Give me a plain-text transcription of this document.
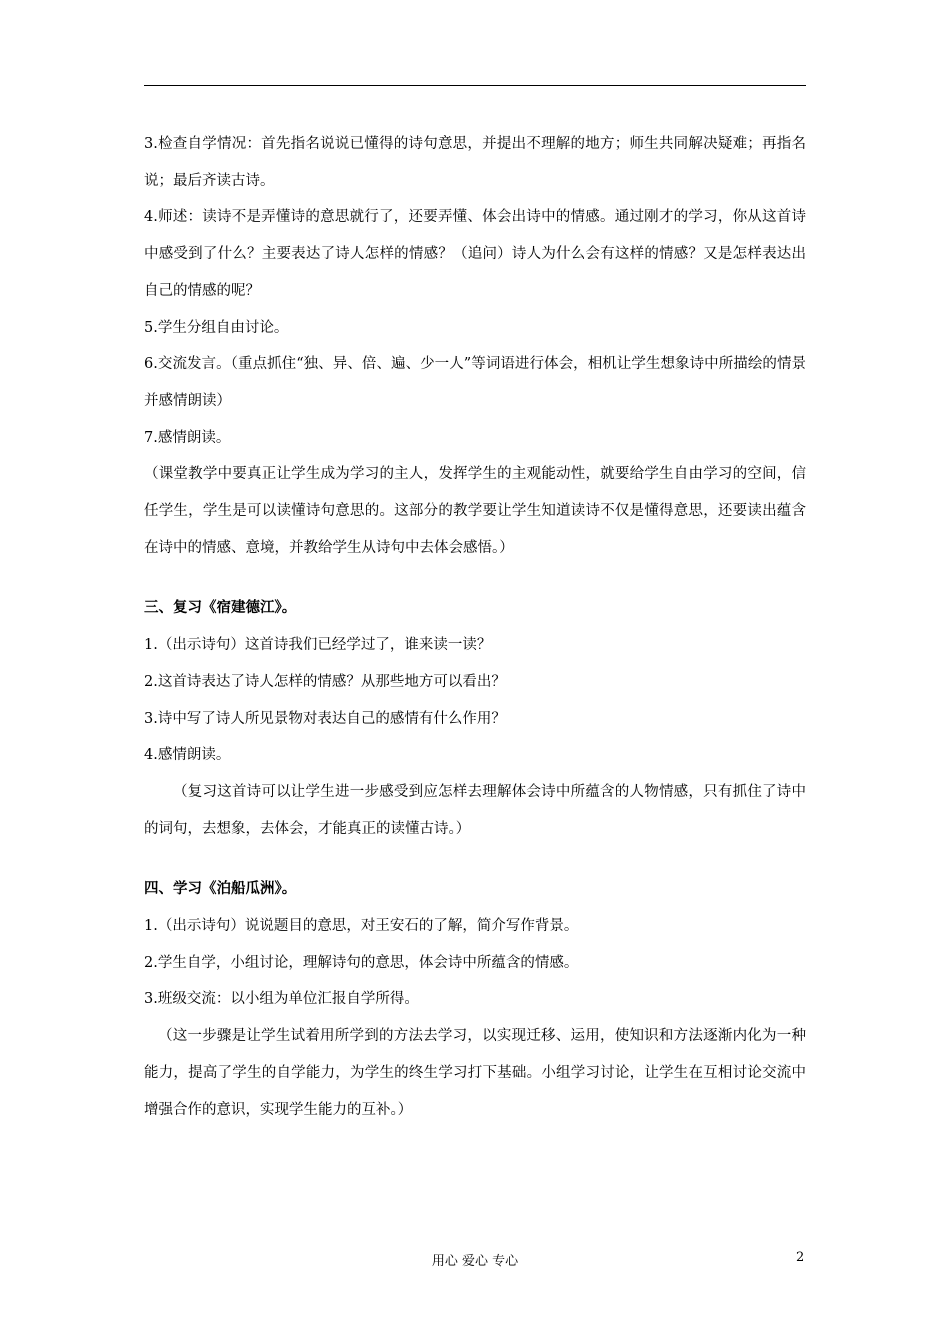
3.检查自学情况：首先指名说说已懂得的诗句意思，并提出不理解的地方；师生共同解决疑难；再指名说；最后齐读古诗。

4.师述：读诗不是弄懂诗的意思就行了，还要弄懂、体会出诗中的情感。通过刚才的学习，你从这首诗中感受到了什么？主要表达了诗人怎样的情感？（追问）诗人为什么会有这样的情感？又是怎样表达出自己的情感的呢？

5.学生分组自由讨论。

6.交流发言。（重点抓住“独、异、倍、遍、少一人”等词语进行体会，相机让学生想象诗中所描绘的情景并感情朗读）

7.感情朗读。

（课堂教学中要真正让学生成为学习的主人，发挥学生的主观能动性，就要给学生自由学习的空间，信任学生，学生是可以读懂诗句意思的。这部分的教学要让学生知道读诗不仅是懂得意思，还要读出蕴含在诗中的情感、意境，并教给学生从诗句中去体会感悟。）

三、复习《宿建德江》。

1.（出示诗句）这首诗我们已经学过了，谁来读一读？

2.这首诗表达了诗人怎样的情感？从那些地方可以看出？

3.诗中写了诗人所见景物对表达自己的感情有什么作用？

4.感情朗读。

（复习这首诗可以让学生进一步感受到应怎样去理解体会诗中所蕴含的人物情感，只有抓住了诗中的词句，去想象，去体会，才能真正的读懂古诗。）

四、学习《泊船瓜洲》。

1.（出示诗句）说说题目的意思，对王安石的了解，简介写作背景。

2.学生自学，小组讨论，理解诗句的意思，体会诗中所蕴含的情感。

3.班级交流：以小组为单位汇报自学所得。

（这一步骤是让学生试着用所学到的方法去学习，以实现迁移、运用，使知识和方法逐渐内化为一种能力，提高了学生的自学能力，为学生的终生学习打下基础。小组学习讨论，让学生在互相讨论交流中增强合作的意识，实现学生能力的互补。）

用心 爱心 专心	2
